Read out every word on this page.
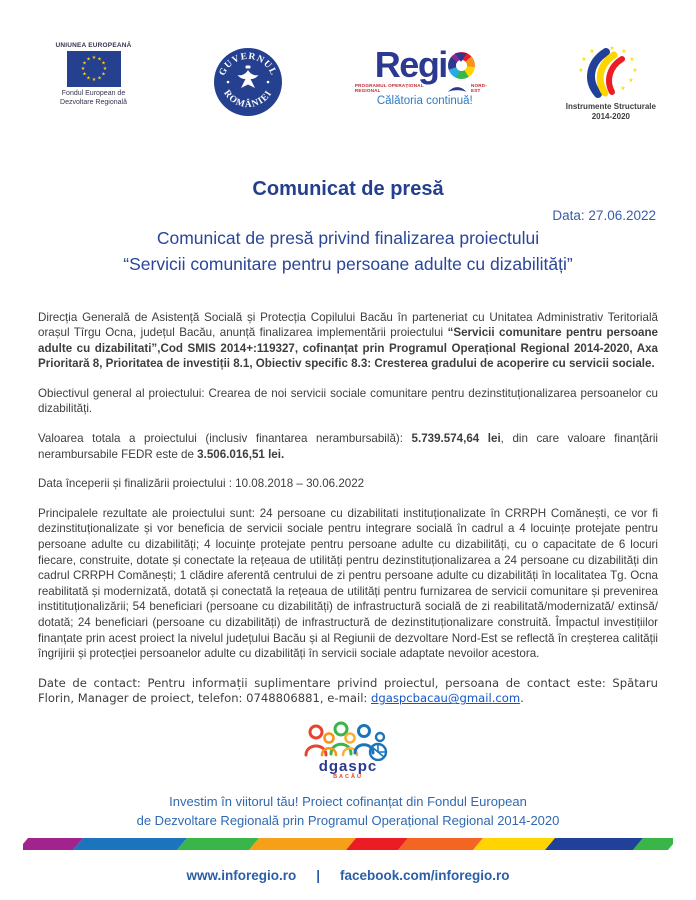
UNIUNEA EUROPEANĂ
★ ★
★
★
★
★
★
★
★
★
★
★
Fondul European de Dezvoltare Regională
GUVERNUL
ROMÂNIEI
Regi
PROGRAMUL OPERAȚIONAL REGIONAL
NORD-EST
Călătoria continuă!
★ ★
★
★
★
★
★
★
★
Instrumente Structurale
2014-2020
Comunicat de presă
Data: 27.06.2022
Comunicat de presă privind finalizarea proiectului
“Servicii comunitare pentru persoane adulte cu dizabilități”

Direcția Generală de Asistență Socială și Protecția Copilului Bacău în parteneriat cu Unitatea Administrativ Teritorială orașul Tîrgu Ocna, județul Bacău, anunță finalizarea implementării proiectului “Servicii comunitare pentru persoane adulte cu dizabilitati”,Cod SMIS 2014+:119327, cofinanțat prin Programul Operațional Regional 2014-2020, Axa Prioritară 8, Prioritatea de investiții 8.1, Obiectiv specific 8.3: Cresterea gradului de acoperire cu servicii sociale.

Obiectivul general al proiectului: Crearea de noi servicii sociale comunitare pentru dezinstituționalizarea persoanelor cu dizabilități.

Valoarea totala a proiectului (inclusiv finantarea nerambursabilă): 5.739.574,64 lei, din care valoare finanțării nerambursabile FEDR este de 3.506.016,51 lei.

Data începerii și finalizării proiectului : 10.08.2018 – 30.06.2022

Principalele rezultate ale proiectului sunt: 24 persoane cu dizabilitati instituționalizate în CRRPH Comănești, ce vor fi dezinstituționalizate și vor beneficia de servicii sociale pentru integrare socială în cadrul a 4 locuințe protejate pentru persoane adulte cu dizabilități; 4 locuințe protejate pentru persoane adulte cu dizabilități, cu o capacitate de 6 locuri fiecare, construite, dotate și conectate la rețeaua de utilități pentru dezinstituționalizarea a 24 persoane cu dizabilități din cadrul CRRPH Comănești; 1 clădire aferentă centrului de zi pentru persoane adulte cu dizabilități în localitatea Tg. Ocna reabilitată și modernizată, dotată și conectată la rețeaua de utilități pentru furnizarea de servicii comunitare și prevenirea institituționalizării; 54 beneficiari (persoane cu dizabilități) de infrastructură socială de zi reabilitată/modernizată/ extinsă/ dotată; 24 beneficiari (persoane cu dizabilități) de infrastructură de dezinstituționalizare construită. Împactul investițiilor finanțate prin acest proiect la nivelul județului Bacău și al Regiunii de dezvoltare Nord-Est se reflectă în creșterea calității îngrijirii și protecției persoanelor adulte cu dizabilități în servicii sociale adaptate nevoilor acestora.

Date de contact: Pentru informații suplimentare privind proiectul, persoana de contact este: Spătaru Florin, Manager de proiect, telefon: 0748806881, e-mail: dgaspcbacau@gmail.com.

dgaspc
BACĂU
Investim în viitorul tău! Proiect cofinanțat din Fondul European
de Dezvoltare Regională prin Programul Operațional Regional 2014-2020
www.inforegio.ro | facebook.com/inforegio.ro
